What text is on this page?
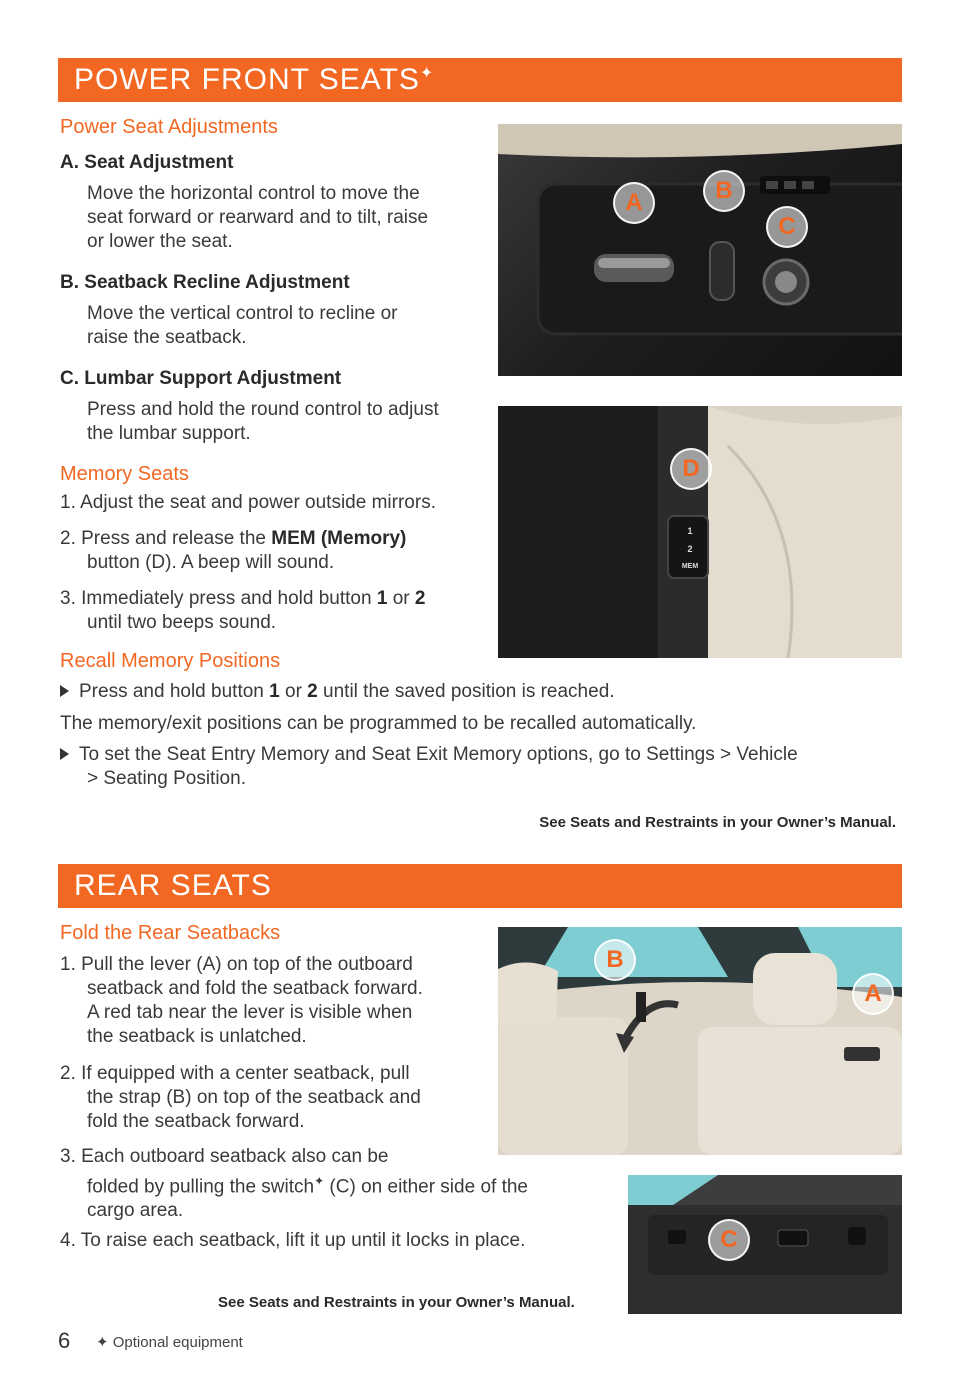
POWER FRONT SEATS✦
Power Seat Adjustments
A. Seat Adjustment
Move the horizontal control to move the
seat forward or rearward and to tilt, raise
or lower the seat.
B. Seatback Recline Adjustment
Move the vertical control to recline or
raise the seatback.
C. Lumbar Support Adjustment
Press and hold the round control to adjust
the lumbar support.
Memory Seats
1. Adjust the seat and power outside mirrors.
2. Press and release the MEM (Memory)
button (D). A beep will sound.
3. Immediately press and hold button 1 or 2
until two beeps sound.
Recall Memory Positions
Press and hold button 1 or 2 until the saved position is reached.
The memory/exit positions can be programmed to be recalled automatically.
To set the Seat Entry Memory and Seat Exit Memory options, go to Settings > Vehicle
> Seating Position.
See Seats and Restraints in your Owner’s Manual.
A	B
C
1
2
MEM
D
REAR SEATS
Fold the Rear Seatbacks
1. Pull the lever (A) on top of the outboard
seatback and fold the seatback forward.
A red tab near the lever is visible when
the seatback is unlatched.
2. If equipped with a center seatback, pull
the strap (B) on top of the seatback and
fold the seatback forward.
3. Each outboard seatback also can be
folded by pulling the switch✦ (C) on either side of the
cargo area.
4. To raise each seatback, lift it up until it locks in place.
See Seats and Restraints in your Owner’s Manual.
B
A
C
6 ✦ Optional equipment
